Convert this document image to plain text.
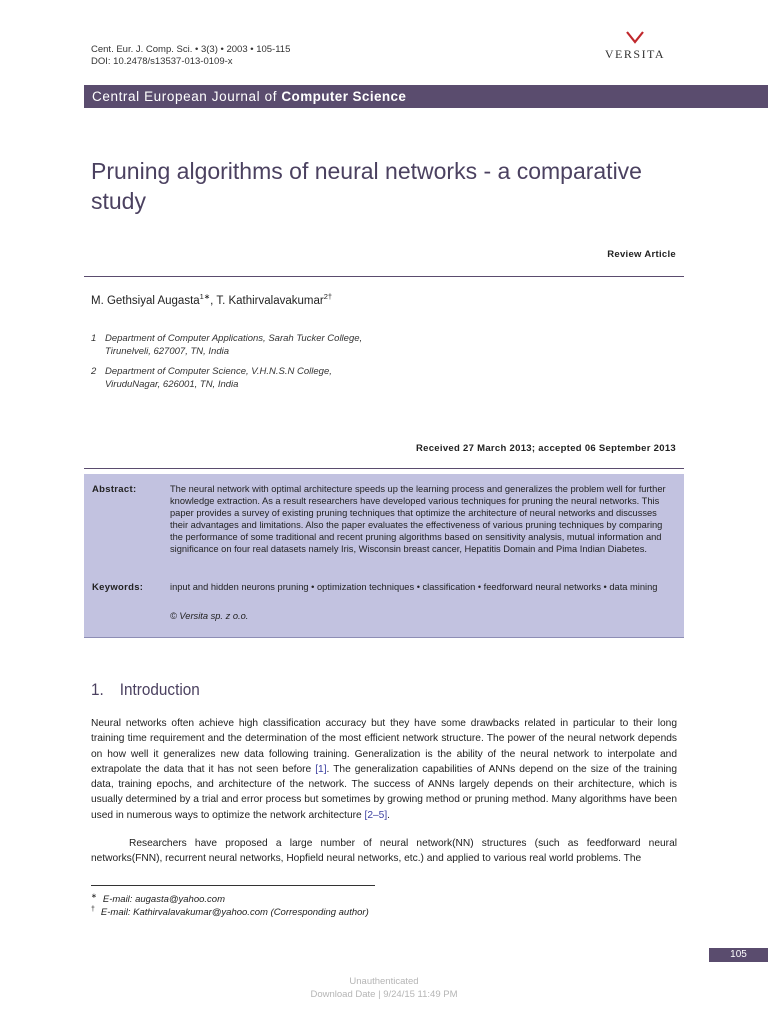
Cent. Eur. J. Comp. Sci. • 3(3) • 2003 • 105-115
DOI: 10.2478/s13537-013-0109-x
VERSITA
Central European Journal of Computer Science
Pruning algorithms of neural networks - a comparative study
Review Article
M. Gethsiyal Augasta$^{1∗}$, T. Kathirvalavakumar$^{2\dagger}$
1 Department of Computer Applications, Sarah Tucker College,
Tirunelveli, 627007, TN, India
2 Department of Computer Science, V.H.N.S.N College,
ViruduNagar, 626001, TN, India
Received 27 March 2013; accepted 06 September 2013
Abstract:	The neural network with optimal architecture speeds up the learning process and generalizes the problem well for further knowledge extraction. As a result researchers have developed various techniques for pruning the neural networks. This paper provides a survey of existing pruning techniques that optimize the architecture of neural networks and discusses their advantages and limitations. Also the paper evaluates the effectiveness of various pruning techniques by comparing the performance of some traditional and recent pruning algorithms based on sensitivity analysis, mutual information and significance on four real datasets namely Iris, Wisconsin breast cancer, Hepatitis Domain and Pima Indian Diabetes.
Keywords:	input and hidden neurons pruning • optimization techniques • classification • feedforward neural networks • data mining
© Versita sp. z o.o.
1. Introduction
Neural networks often achieve high classification accuracy but they have some drawbacks related in particular to their long training time requirement and the determination of the most efficient network structure. The power of the neural network depends on how well it generalizes new data following training. Generalization is the ability of the neural network to interpolate and extrapolate the data that it has not seen before [1]. The generalization capabilities of ANNs depend on the size of the training data, training epochs, and architecture of the network. The success of ANNs largely depends on their architecture, which is usually determined by a trial and error process but sometimes by growing method or pruning method. Many algorithms have been used in numerous ways to optimize the network architecture [2–5].
Researchers have proposed a large number of neural network(NN) structures (such as feedforward neural networks(FNN), recurrent neural networks, Hopfield neural networks, etc.) and applied to various real world problems. The
∗ E-mail: augasta@yahoo.com
† E-mail: Kathirvalavakumar@yahoo.com (Corresponding author)
105
Unauthenticated
Download Date | 9/24/15 11:49 PM
